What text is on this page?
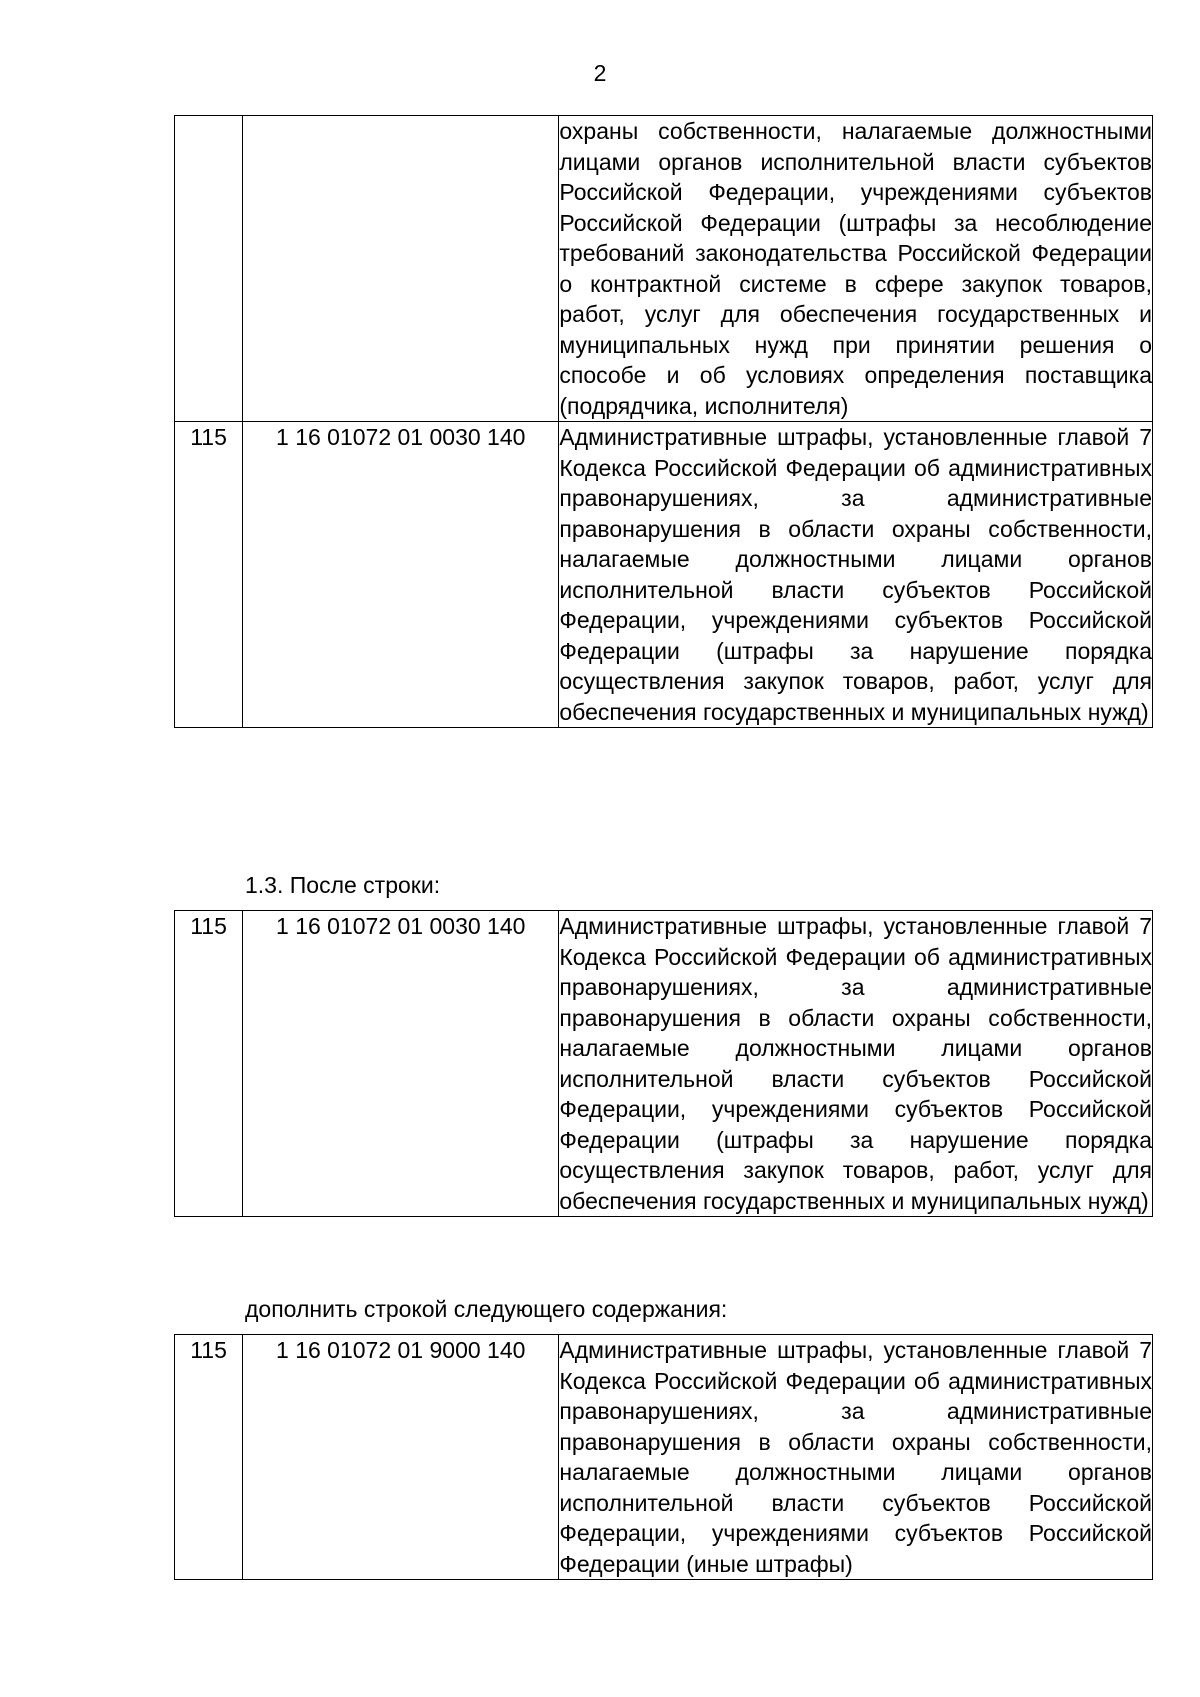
2
		охраны собственности, налагаемые должностными лицами органов исполнительной власти субъектов Российской Федерации, учреждениями субъектов Российской Федерации (штрафы за несоблюдение требований законодательства Российской Федерации о контрактной системе в сфере закупок товаров, работ, услуг для обеспечения государственных и муниципальных нужд при принятии решения о способе и об условиях определения поставщика (подрядчика, исполнителя)
115	1 16 01072 01 0030 140	Административные штрафы, установленные главой 7 Кодекса Российской Федерации об административных правонарушениях, за административные правонарушения в области охраны собственности, налагаемые должностными лицами органов исполнительной власти субъектов Российской Федерации, учреждениями субъектов Российской Федерации (штрафы за нарушение порядка осуществления закупок товаров, работ, услуг для обеспечения государственных и муниципальных нужд)
1.3. После строки:
115	1 16 01072 01 0030 140	Административные штрафы, установленные главой 7 Кодекса Российской Федерации об административных правонарушениях, за административные правонарушения в области охраны собственности, налагаемые должностными лицами органов исполнительной власти субъектов Российской Федерации, учреждениями субъектов Российской Федерации (штрафы за нарушение порядка осуществления закупок товаров, работ, услуг для обеспечения государственных и муниципальных нужд)
дополнить строкой следующего содержания:
115	1 16 01072 01 9000 140	Административные штрафы, установленные главой 7 Кодекса Российской Федерации об административных правонарушениях, за административные правонарушения в области охраны собственности, налагаемые должностными лицами органов исполнительной власти субъектов Российской Федерации, учреждениями субъектов Российской Федерации (иные штрафы)
